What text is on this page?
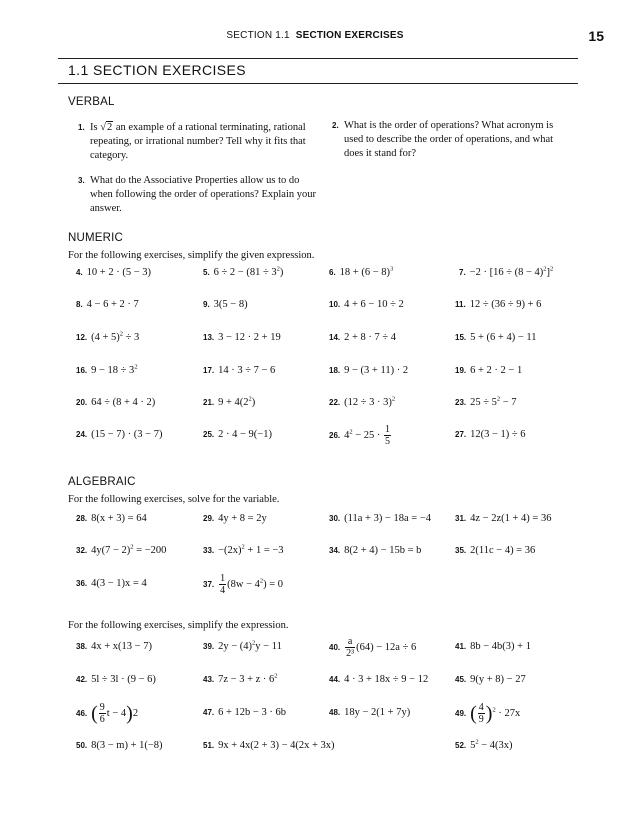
SECTION 1.1 SECTION EXERCISES	15
1.1 SECTION EXERCISES
VERBAL
1. Is √2 an example of a rational terminating, rational repeating, or irrational number? Tell why it fits that category.
2. What is the order of operations? What acronym is used to describe the order of operations, and what does it stand for?
3. What do the Associative Properties allow us to do when following the order of operations? Explain your answer.
NUMERIC
For the following exercises, simplify the given expression.
4. 10 + 2 · (5 − 3)	5. $6 \div 2 - (81 \div 3^2)$	6. $18 + (6 - 8)^3$	7. $-2 \cdot [16 \div (8 - 4)^2]^2$
8. 4 − 6 + 2 · 7	9. 3(5 − 8)	10. 4 + 6 − 10 ÷ 2	11. 12 ÷ (36 ÷ 9) + 6
12. $(4 + 5)^2 \div 3$	13. 3 − 12 · 2 + 19	14. 2 + 8 · 7 ÷ 4	15. 5 + (6 + 4) − 11
16. $9 - 18 \div 3^2$	17. 14 · 3 ÷ 7 − 6	18. 9 − (3 + 11) · 2	19. 6 + 2 · 2 − 1
20. 64 ÷ (8 + 4 · 2)	21. $9 + 4(2^2)$	22. $(12 \div 3 \cdot 3)^2$	23. $25 \div 5^2 - 7$
24. (15 − 7) · (3 − 7)	25. 2 · 4 − 9(−1)	26. $4^2 - 25 \cdot \frac{1}{5}$	27. 12(3 − 1) ÷ 6
ALGEBRAIC
For the following exercises, solve for the variable.
28. 8(x + 3) = 64	29. 4y + 8 = 2y	30. (11a + 3) − 18a = −4	31. 4z − 2z(1 + 4) = 36
32. $4y(7 - 2)^2 = -200$	33. $-(2x)^2 + 1 = -3$	34. 8(2 + 4) − 15b = b	35. 2(11c − 4) = 36
36. 4(3 − 1)x = 4	37. $\frac{1}{4} (8w - 4^2) = 0$
For the following exercises, simplify the expression.
38. 4x + x(13 − 7)	39. $2y - (4)^2y - 11$	40. $\frac{a}{\text{2³}} (64) - 12a \div 6$	41. 8b − 4b(3) + 1
42. 5l ÷ 3l · (9 − 6)	43. $7z - 3 + z \cdot 6^2$	44. 4 · 3 + 18x ÷ 9 − 12	45. 9(y + 8) − 27
46. ( $\frac{9}{6}$ t − 4)2	47. 6 + 12b − 3 · 6b	48. 18y − 2(1 + 7y)	49. ( $\frac{4}{9} )^2 \cdot 27x$
50. 8(3 − m) + 1(−8)	51. 9x + 4x(2 + 3) − 4(2x + 3x)	52. $5^2 - 4(3x)$
